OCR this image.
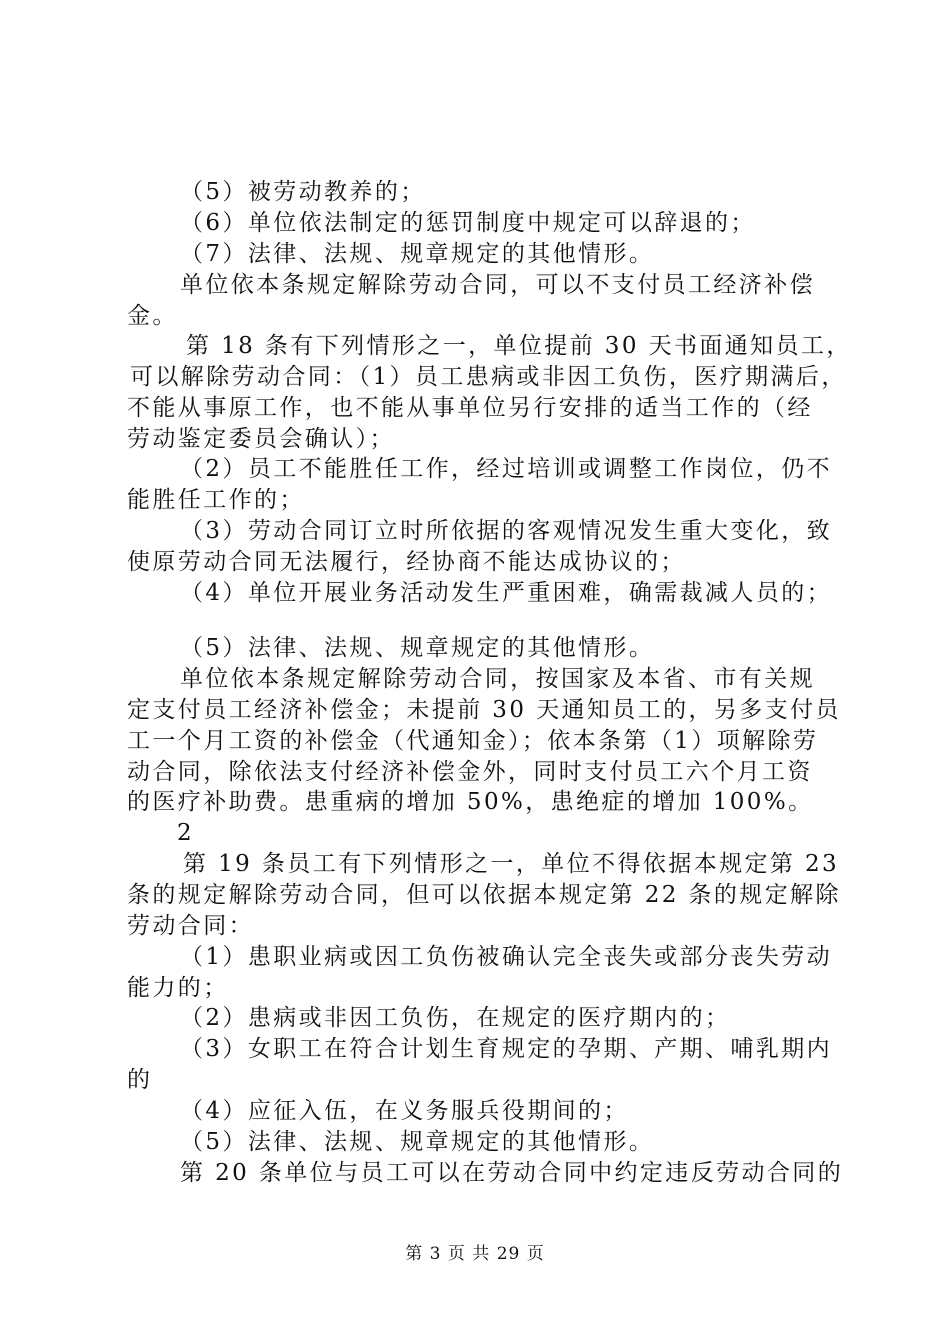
（5）被劳动教养的；
（6）单位依法制定的惩罚制度中规定可以辞退的；
（7）法律、法规、规章规定的其他情形。
单位依本条规定解除劳动合同，可以不支付员工经济补偿
金。
第 18 条有下列情形之一，单位提前 30 天书面通知员工，
可以解除劳动合同：（1）员工患病或非因工负伤，医疗期满后，
不能从事原工作，也不能从事单位另行安排的适当工作的（经
劳动鉴定委员会确认）；
（2）员工不能胜任工作，经过培训或调整工作岗位，仍不
能胜任工作的；
（3）劳动合同订立时所依据的客观情况发生重大变化，致
使原劳动合同无法履行，经协商不能达成协议的；
（4）单位开展业务活动发生严重困难，确需裁减人员的；
（5）法律、法规、规章规定的其他情形。
单位依本条规定解除劳动合同，按国家及本省、市有关规
定支付员工经济补偿金；未提前 30 天通知员工的，另多支付员
工一个月工资的补偿金（代通知金）；依本条第（1）项解除劳
动合同，除依法支付经济补偿金外，同时支付员工六个月工资
的医疗补助费。患重病的增加 50%，患绝症的增加 100%。
2
第 19 条员工有下列情形之一，单位不得依据本规定第 23
条的规定解除劳动合同，但可以依据本规定第 22 条的规定解除
劳动合同：
（1）患职业病或因工负伤被确认完全丧失或部分丧失劳动
能力的；
（2）患病或非因工负伤，在规定的医疗期内的；
（3）女职工在符合计划生育规定的孕期、产期、哺乳期内
的
（4）应征入伍，在义务服兵役期间的；
（5）法律、法规、规章规定的其他情形。
第 20 条单位与员工可以在劳动合同中约定违反劳动合同的
第 3 页 共 29 页
